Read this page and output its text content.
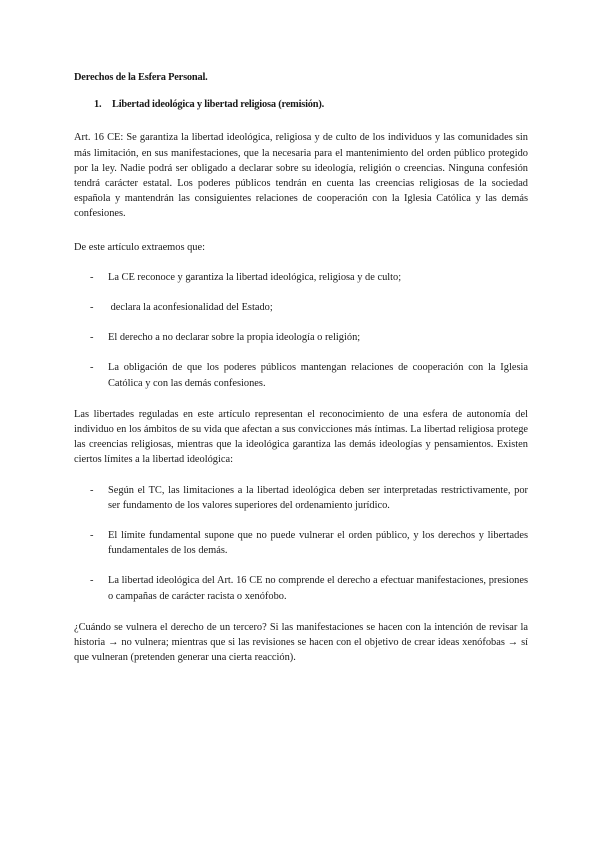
Derechos de la Esfera Personal.

1.	Libertad ideológica y libertad religiosa (remisión).

Art. 16 CE: Se garantiza la libertad ideológica, religiosa y de culto de los individuos y las comunidades sin más limitación, en sus manifestaciones, que la necesaria para el mantenimiento del orden público protegido por la ley. Nadie podrá ser obligado a declarar sobre su ideología, religión o creencias. Ninguna confesión tendrá carácter estatal. Los poderes públicos tendrán en cuenta las creencias religiosas de la sociedad española y mantendrán las consiguientes relaciones de cooperación con la Iglesia Católica y las demás confesiones.

De este artículo extraemos que:

-	La CE reconoce y garantiza la libertad ideológica, religiosa y de culto;
-	declara la aconfesionalidad del Estado;
-	El derecho a no declarar sobre la propia ideología o religión;
-	La obligación de que los poderes públicos mantengan relaciones de cooperación con la Iglesia Católica y con las demás confesiones.

Las libertades reguladas en este artículo representan el reconocimiento de una esfera de autonomía del individuo en los ámbitos de su vida que afectan a sus convicciones más íntimas. La libertad religiosa protege las creencias religiosas, mientras que la ideológica garantiza las demás ideologías y pensamientos. Existen ciertos límites a la libertad ideológica:

-	Según el TC, las limitaciones a la libertad ideológica deben ser interpretadas restrictivamente, por ser fundamento de los valores superiores del ordenamiento jurídico.
-	El límite fundamental supone que no puede vulnerar el orden público, y los derechos y libertades fundamentales de los demás.
-	La libertad ideológica del Art. 16 CE no comprende el derecho a efectuar manifestaciones, presiones o campañas de carácter racista o xenófobo.

¿Cuándo se vulnera el derecho de un tercero? Si las manifestaciones se hacen con la intención de revisar la historia → no vulnera; mientras que si las revisiones se hacen con el objetivo de crear ideas xenófobas → sí que vulneran (pretenden generar una cierta reacción).
